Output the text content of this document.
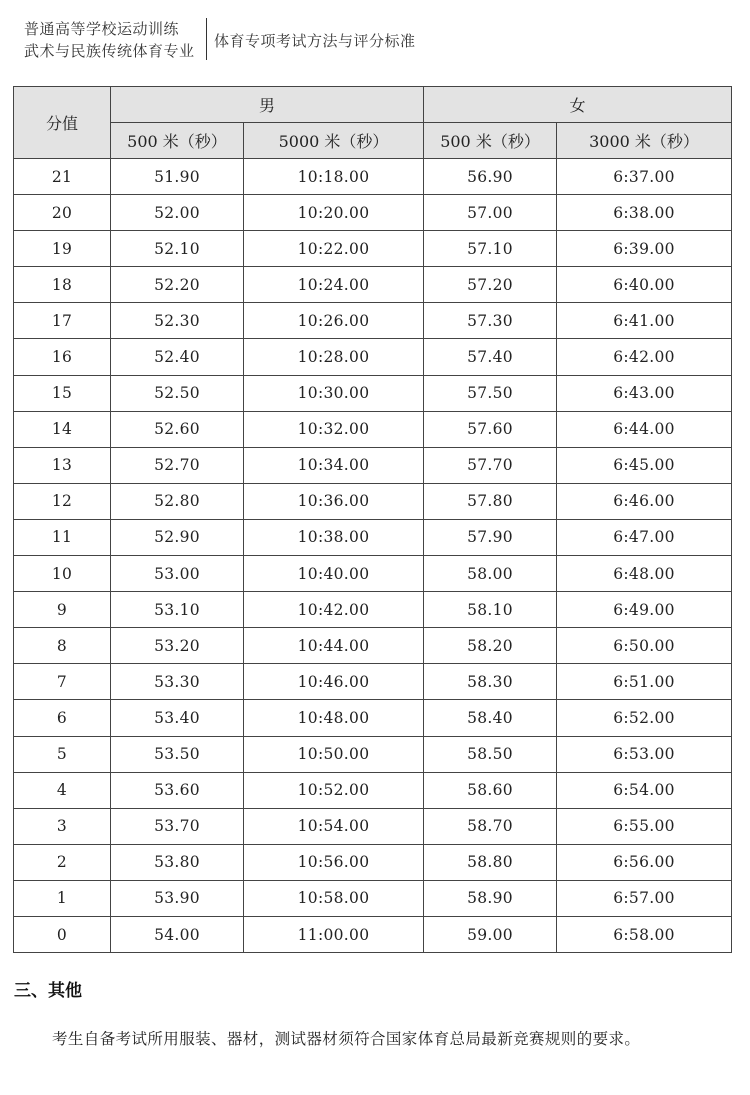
普通高等学校运动训练
武术与民族传统体育专业
体育专项考试方法与评分标准
分值	男		女	
	500 米（秒）	5000 米（秒）	500 米（秒）	3000 米（秒）
21	51.90	10:18.00	56.90	6:37.00
20	52.00	10:20.00	57.00	6:38.00
19	52.10	10:22.00	57.10	6:39.00
18	52.20	10:24.00	57.20	6:40.00
17	52.30	10:26.00	57.30	6:41.00
16	52.40	10:28.00	57.40	6:42.00
15	52.50	10:30.00	57.50	6:43.00
14	52.60	10:32.00	57.60	6:44.00
13	52.70	10:34.00	57.70	6:45.00
12	52.80	10:36.00	57.80	6:46.00
11	52.90	10:38.00	57.90	6:47.00
10	53.00	10:40.00	58.00	6:48.00
9	53.10	10:42.00	58.10	6:49.00
8	53.20	10:44.00	58.20	6:50.00
7	53.30	10:46.00	58.30	6:51.00
6	53.40	10:48.00	58.40	6:52.00
5	53.50	10:50.00	58.50	6:53.00
4	53.60	10:52.00	58.60	6:54.00
3	53.70	10:54.00	58.70	6:55.00
2	53.80	10:56.00	58.80	6:56.00
1	53.90	10:58.00	58.90	6:57.00
0	54.00	11:00.00	59.00	6:58.00
三、其他
考生自备考试所用服装、器材，测试器材须符合国家体育总局最新竞赛规则的要求。
